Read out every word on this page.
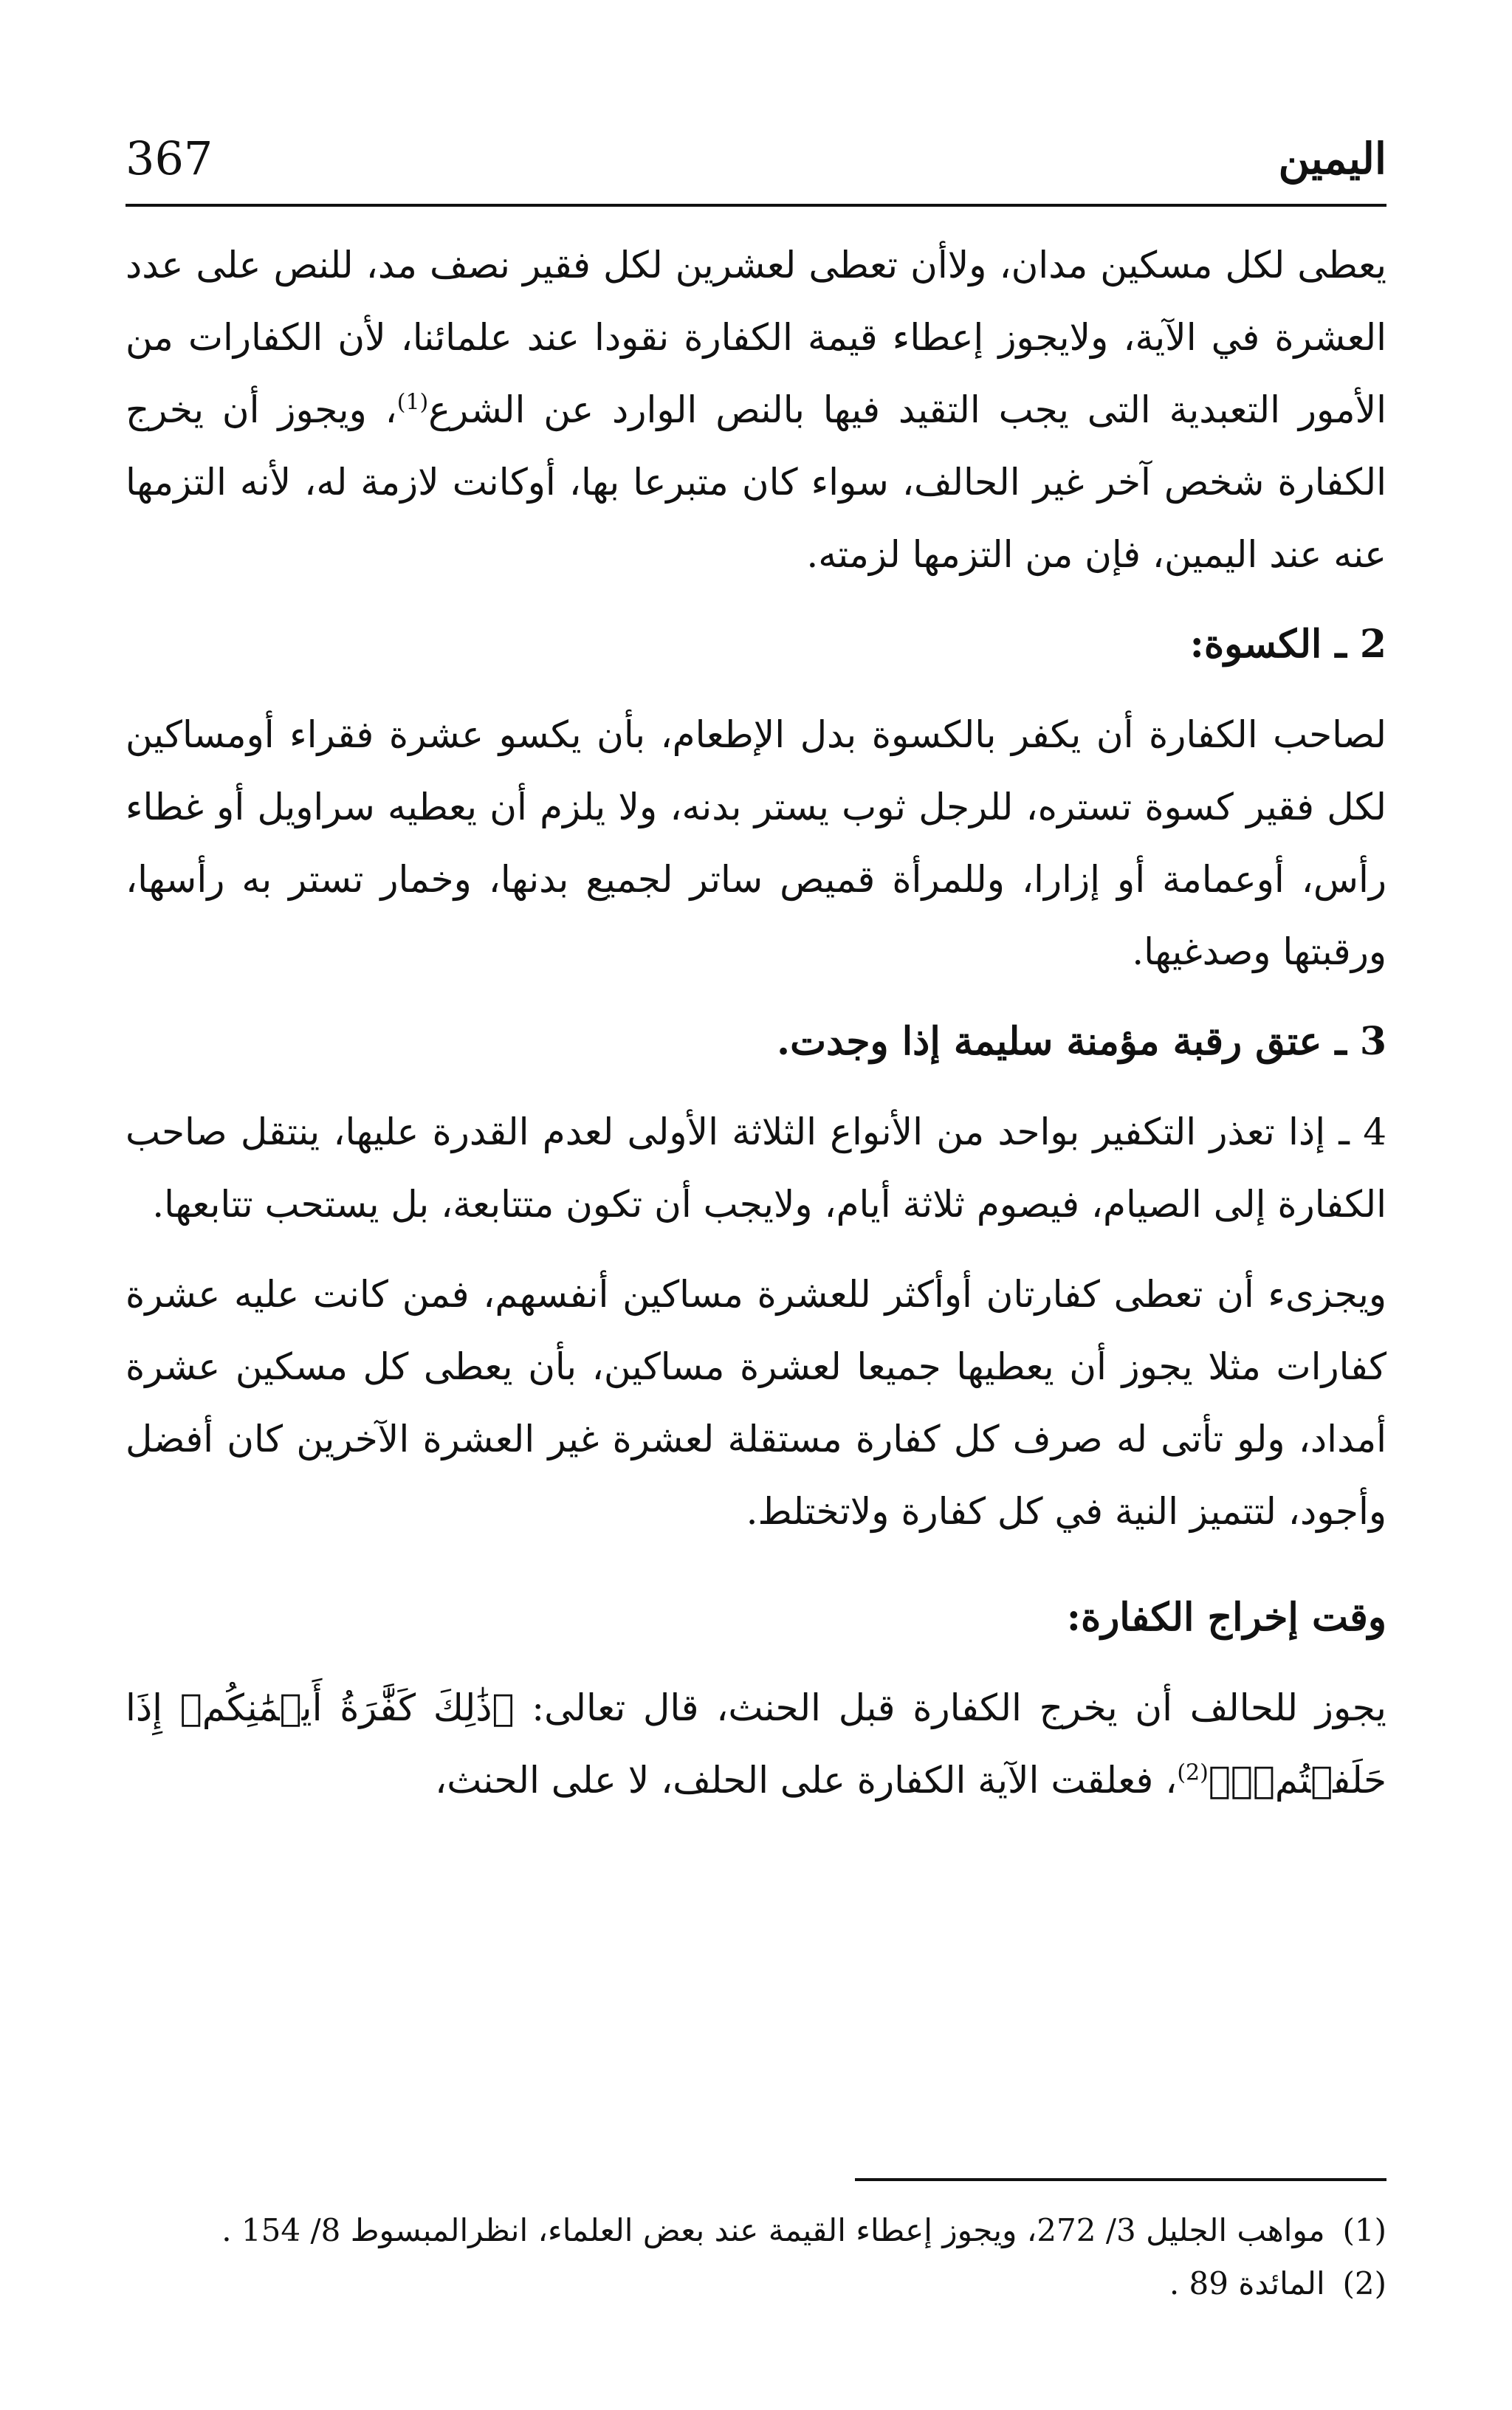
367	اليمين

يعطى لكل مسكين مدان، ولاأن تعطى لعشرين لكل فقير نصف مد، للنص على عدد العشرة في الآية، ولايجوز إعطاء قيمة الكفارة نقودا عند علمائنا، لأن الكفارات من الأمور التعبدية التى يجب التقيد فيها بالنص الوارد عن الشرع$^{(1)}$، ويجوز أن يخرج الكفارة شخص آخر غير الحالف، سواء كان متبرعا بها، أوكانت لازمة له، لأنه التزمها عنه عند اليمين، فإن من التزمها لزمته.

2 ـ الكسوة:

لصاحب الكفارة أن يكفر بالكسوة بدل الإطعام، بأن يكسو عشرة فقراء أومساكين لكل فقير كسوة تستره، للرجل ثوب يستر بدنه، ولا يلزم أن يعطيه سراويل أو غطاء رأس، أوعمامة أو إزارا، وللمرأة قميص ساتر لجميع بدنها، وخمار تستر به رأسها، ورقبتها وصدغيها.

3 ـ عتق رقبة مؤمنة سليمة إذا وجدت.

4 ـ إذا تعذر التكفير بواحد من الأنواع الثلاثة الأولى لعدم القدرة عليها، ينتقل صاحب الكفارة إلى الصيام، فيصوم ثلاثة أيام، ولايجب أن تكون متتابعة، بل يستحب تتابعها.

ويجزىء أن تعطى كفارتان أوأكثر للعشرة مساكين أنفسهم، فمن كانت عليه عشرة كفارات مثلا يجوز أن يعطيها جميعا لعشرة مساكين، بأن يعطى كل مسكين عشرة أمداد، ولو تأتى له صرف كل كفارة مستقلة لعشرة غير العشرة الآخرين كان أفضل وأجود، لتتميز النية في كل كفارة ولاتختلط.

وقت إخراج الكفارة:

يجوز للحالف أن يخرج الكفارة قبل الحنث، قال تعالى: ﴿ذَٰلِكَ كَفَّٰرَةُ أَيۡمَٰنِكُمۡ إِذَا حَلَفۡتُمۡۚ﴾$^{(2)}$، فعلقت الآية الكفارة على الحلف، لا على الحنث،

(1) مواهب الجليل 3/ 272، ويجوز إعطاء القيمة عند بعض العلماء، انظرالمبسوط 8/ 154 .

(2) المائدة 89 .
